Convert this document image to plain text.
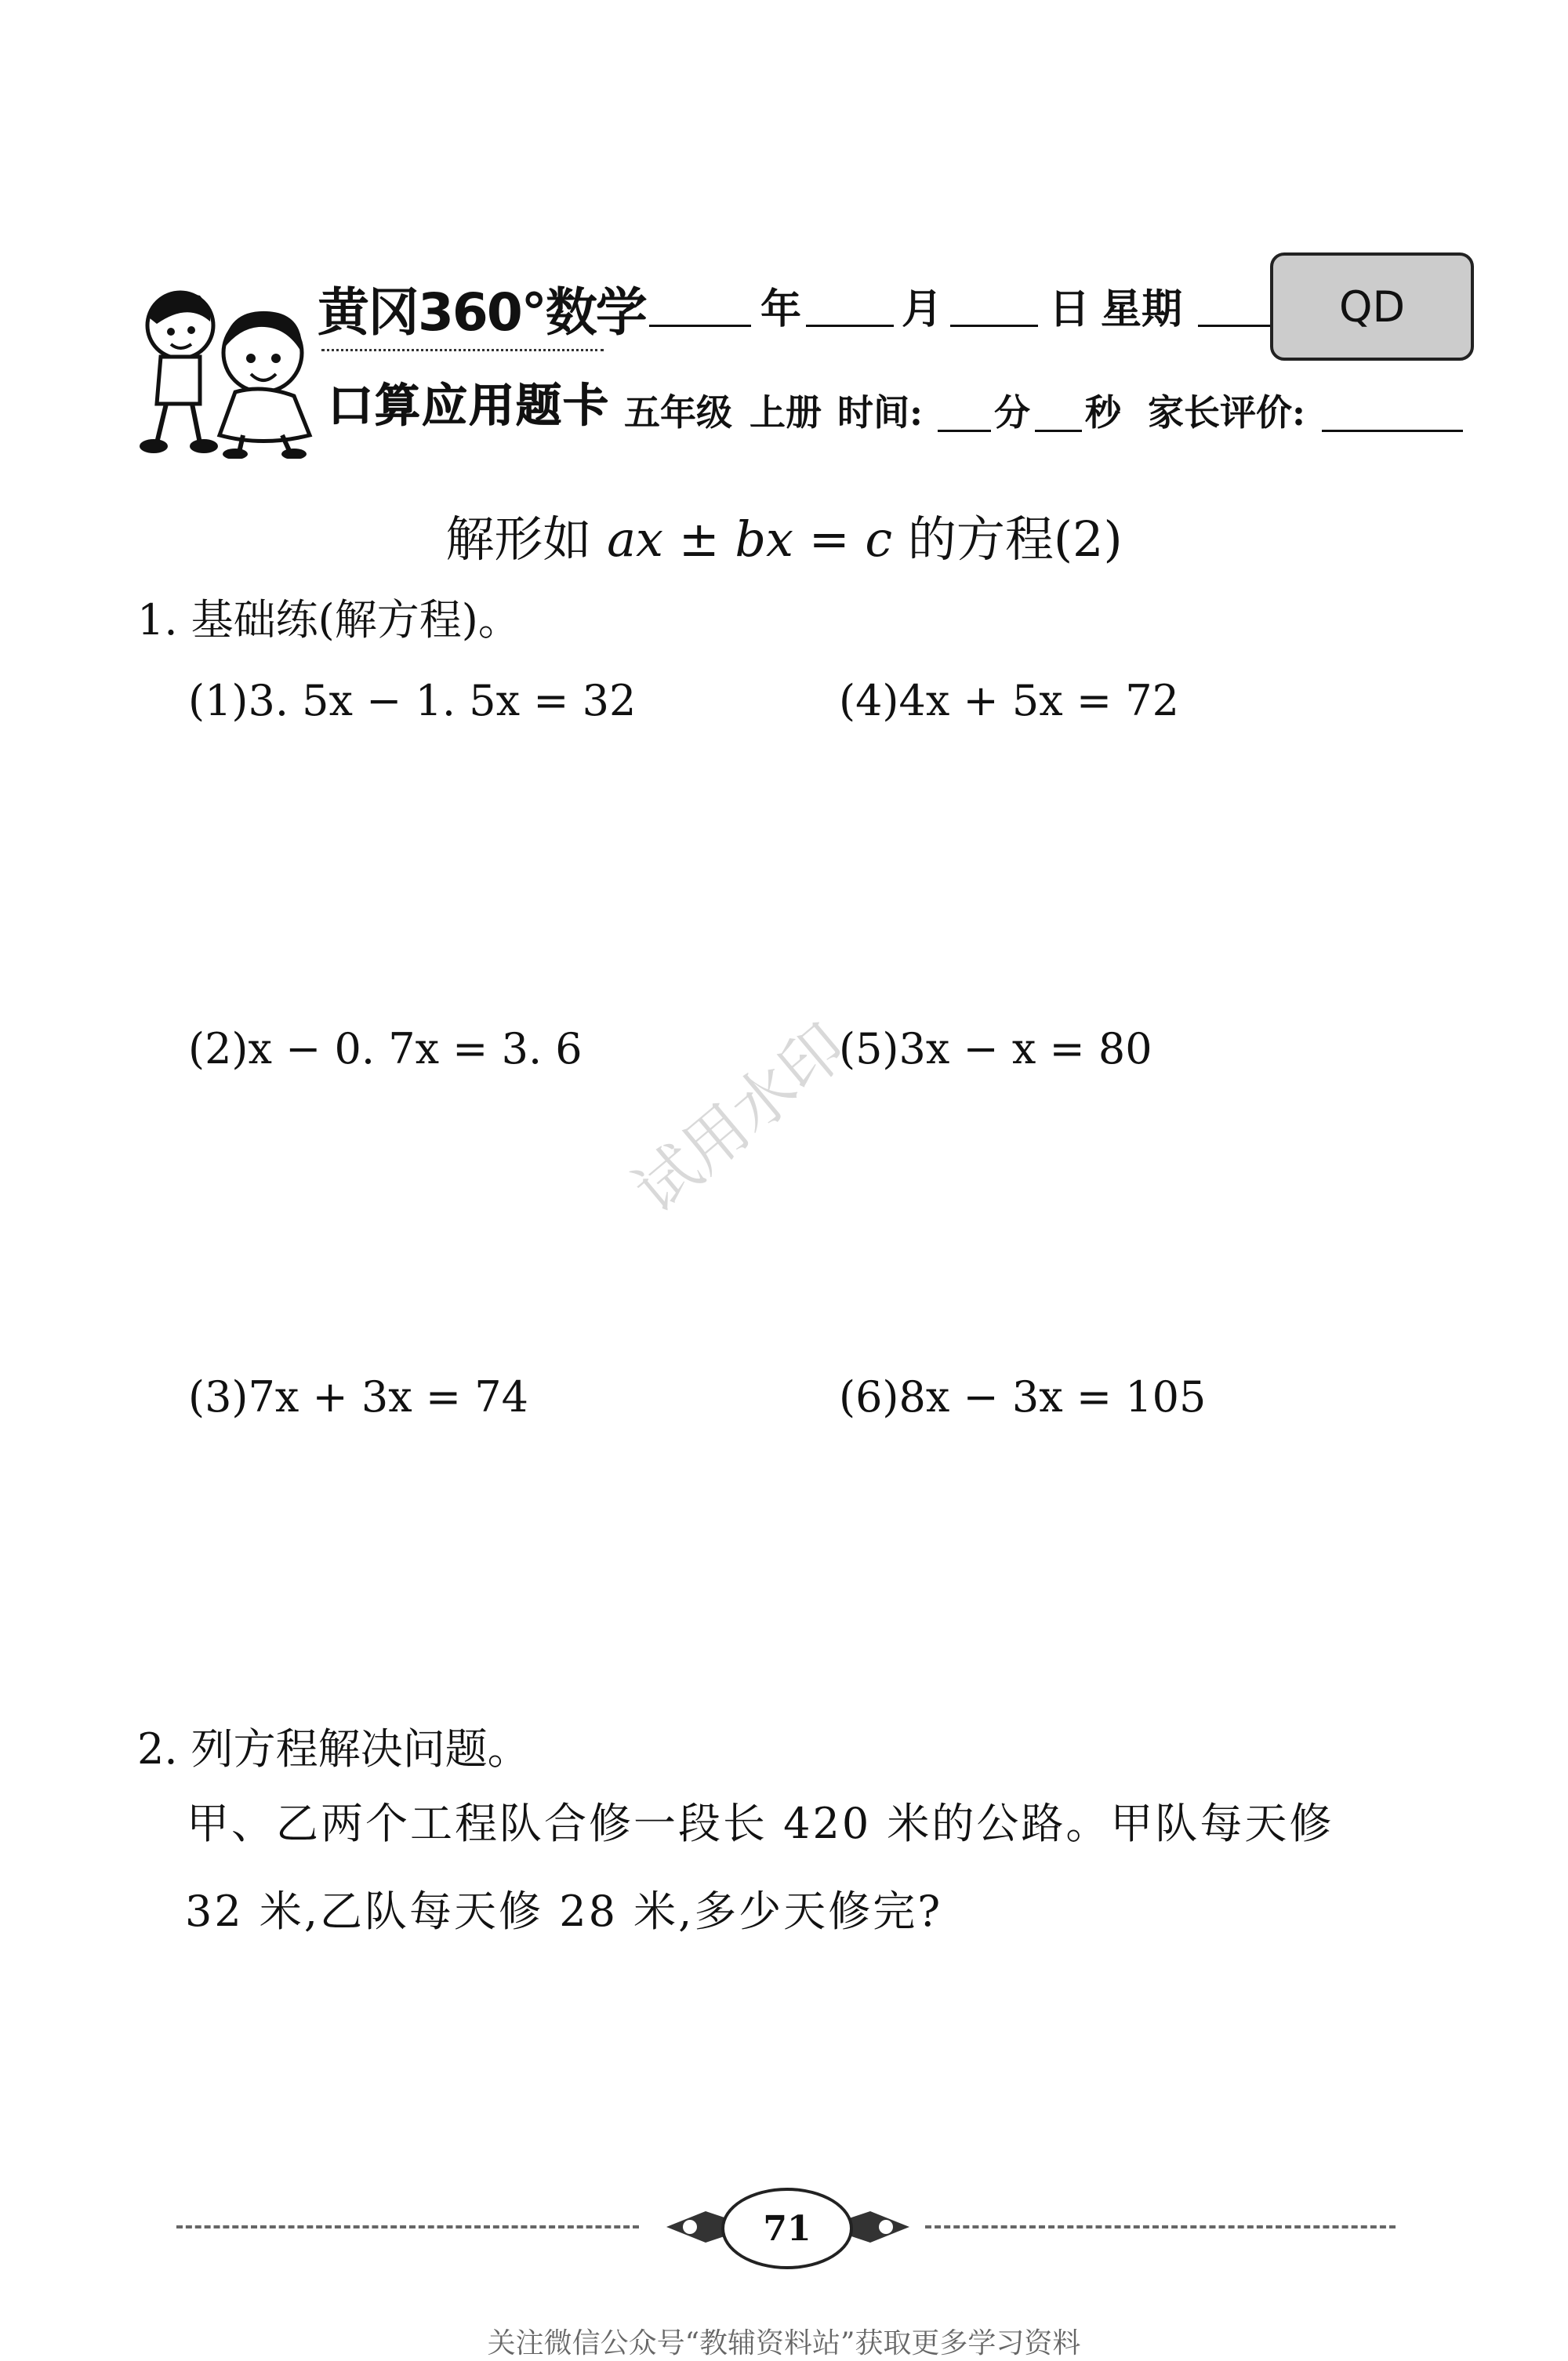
黄冈360°数学
口算应用题卡
年 月	日 星期	QD
五年级 上册 时间: 分 秒 家长评价:
解形如 ax ± bx = c 的方程(2)
1. 基础练(解方程)。
(1)3. 5x − 1. 5x = 32
(2)x − 0. 7x = 3. 6
(3)7x + 3x = 74
(4)4x + 5x = 72
(5)3x − x = 80
(6)8x − 3x = 105
试用水印
2. 列方程解决问题。
甲、乙两个工程队合修一段长 420 米的公路。甲队每天修
32 米,乙队每天修 28 米,多少天修完?
71
关注微信公众号“教辅资料站”获取更多学习资料
